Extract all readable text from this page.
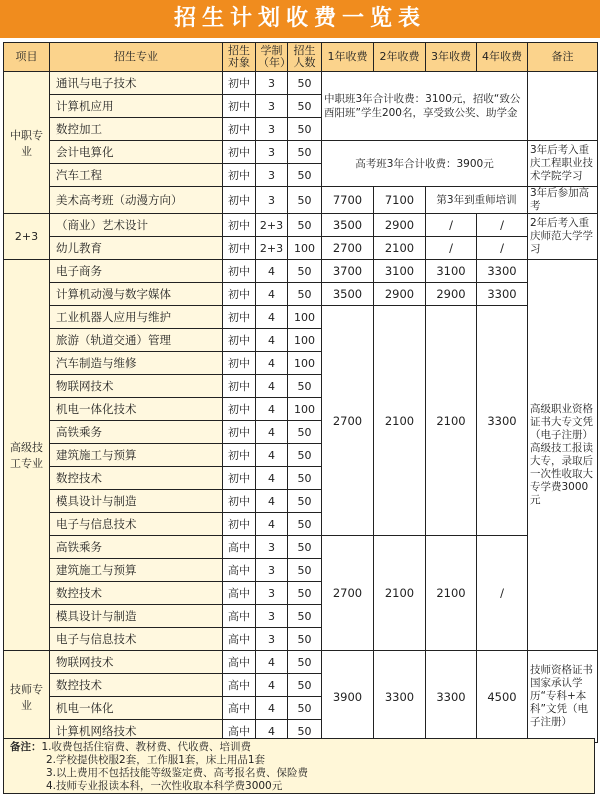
招生计划收费一览表
项目	招生专业	招生对象	学制（年）	招生人数	1年收费	2年收费	3年收费	4年收费	备注
中职专业	通讯与电子技术	初中	3	50	中职班3年合计收费：3100元，招收“致公酉阳班”学生200名，享受致公奖、助学金				
	计算机应用	初中	3	50					
	数控加工	初中	3	50					
	会计电算化	初中	3	50	高考班3年合计收费：3900元				3年后考入重庆工程职业技术学院学习
	汽车工程	初中	3	50					
	美术高考班（动漫方向）	初中	3	50	7700	7100	第3年到重师培训		3年后参加高考
2+3	（商业）艺术设计	初中	2+3	50	3500	2900	/	/	2年后考入重庆师范大学学习
	幼儿教育	初中	2+3	100	2700	2100	/	/	
高级技工专业	电子商务	初中	4	50	3700	3100	3100	3300	高级职业资格证书大专文凭（电子注册）高级技工报读大专，录取后一次性收取大专学费3000元
	计算机动漫与数字媒体	初中	4	50	3500	2900	2900	3300	
	工业机器人应用与维护	初中	4	100	2700	2100	2100	3300	
	旅游（轨道交通）管理	初中	4	100					
	汽车制造与维修	初中	4	100					
	物联网技术	初中	4	50					
	机电一体化技术	初中	4	100					
	高铁乘务	初中	4	50					
	建筑施工与预算	初中	4	50					
	数控技术	初中	4	50					
	模具设计与制造	初中	4	50					
	电子与信息技术	初中	4	50					
	高铁乘务	高中	3	50	2700	2100	2100	/	
	建筑施工与预算	高中	3	50					
	数控技术	高中	3	50					
	模具设计与制造	高中	3	50					
	电子与信息技术	高中	3	50					
技师专业	物联网技术	高中	4	50	3900	3300	3300	4500	技师资格证书国家承认学历“专科+本科”文凭（电子注册）
	数控技术	高中	4	50					
	机电一体化	高中	4	50					
	计算机网络技术	高中	4	50					
备注：1.收费包括住宿费、教材费、代收费、培训费
2.学校提供校服2套，工作服1套，床上用品1套
3.以上费用不包括技能等级鉴定费、高考报名费、保险费
4.技师专业报读本科，一次性收取本科学费3000元
